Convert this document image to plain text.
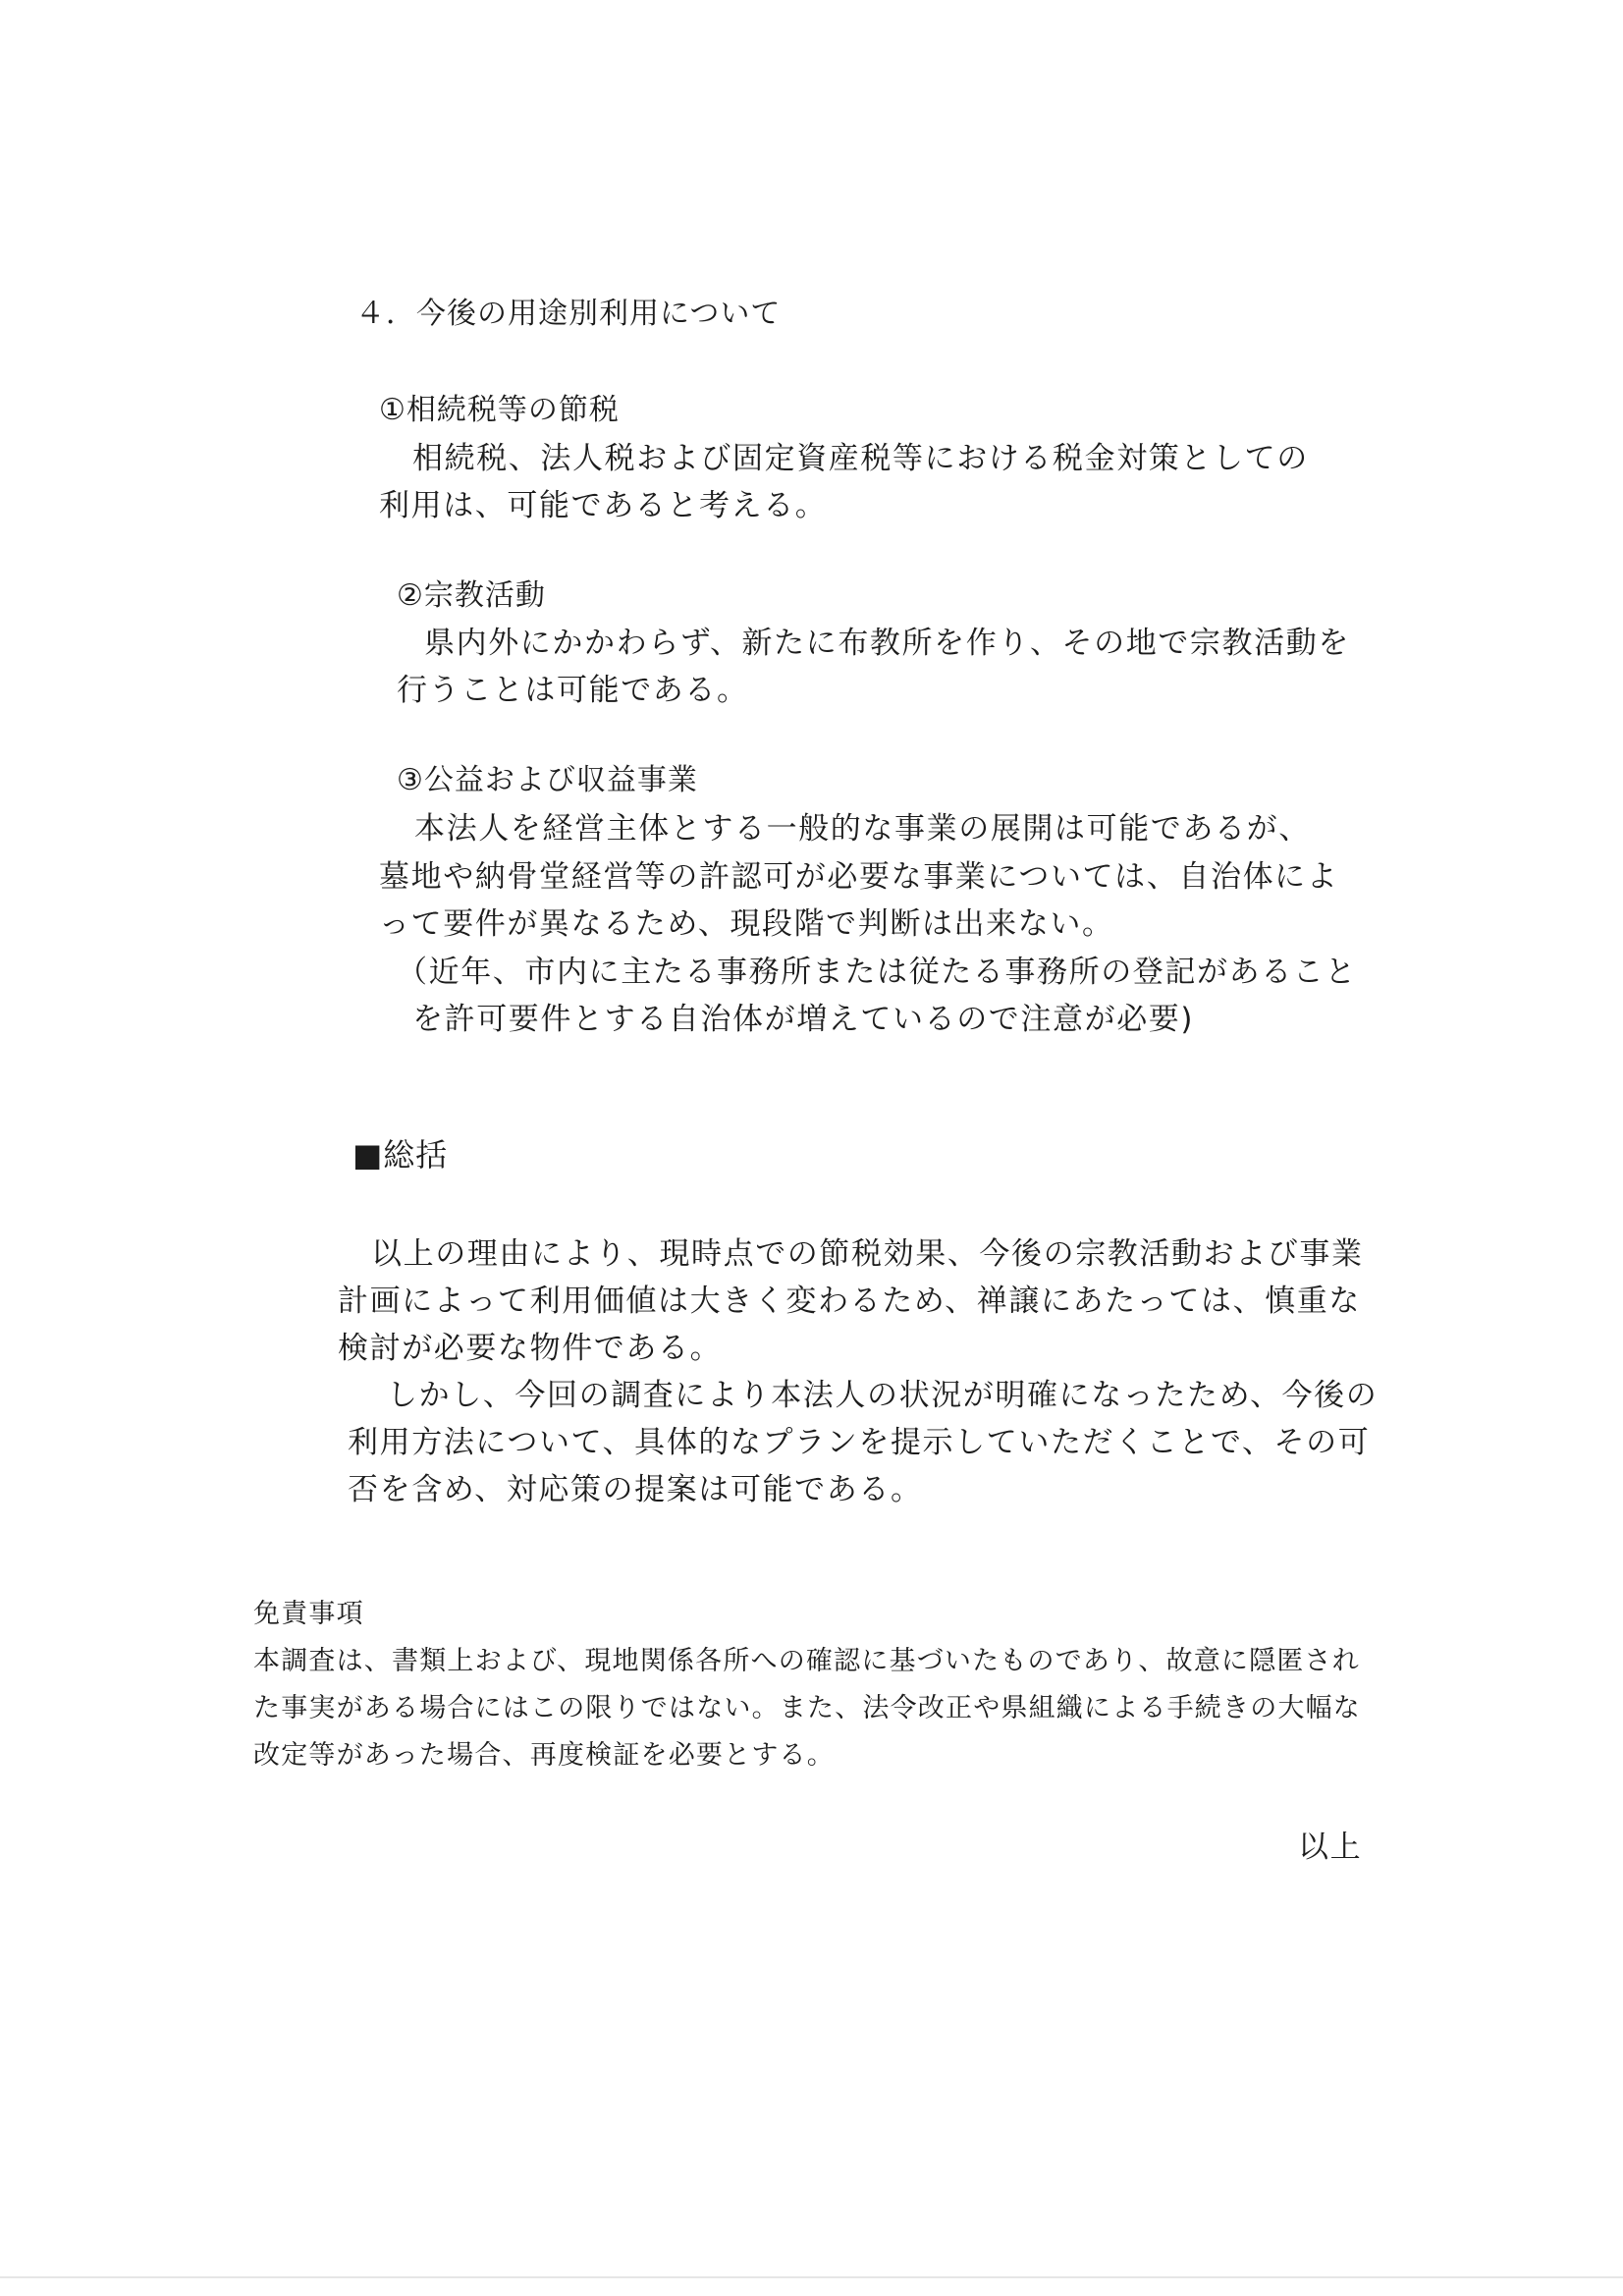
４．今後の用途別利用について
①相続税等の節税
相続税、法人税および固定資産税等における税金対策としての
利用は、可能であると考える。
②宗教活動
県内外にかかわらず、新たに布教所を作り、その地で宗教活動を
行うことは可能である。
③公益および収益事業
本法人を経営主体とする一般的な事業の展開は可能であるが、
墓地や納骨堂経営等の許認可が必要な事業については、自治体によ
って要件が異なるため、現段階で判断は出来ない。
（近年、市内に主たる事務所または従たる事務所の登記があること
を許可要件とする自治体が増えているので注意が必要)
■総括
以上の理由により、現時点での節税効果、今後の宗教活動および事業
計画によって利用価値は大きく変わるため、禅譲にあたっては、慎重な
検討が必要な物件である。
しかし、今回の調査により本法人の状況が明確になったため、今後の
利用方法について、具体的なプランを提示していただくことで、その可
否を含め、対応策の提案は可能である。
免責事項
本調査は、書類上および、現地関係各所への確認に基づいたものであり、故意に隠匿され
た事実がある場合にはこの限りではない。また、法令改正や県組織による手続きの大幅な
改定等があった場合、再度検証を必要とする。
以上
